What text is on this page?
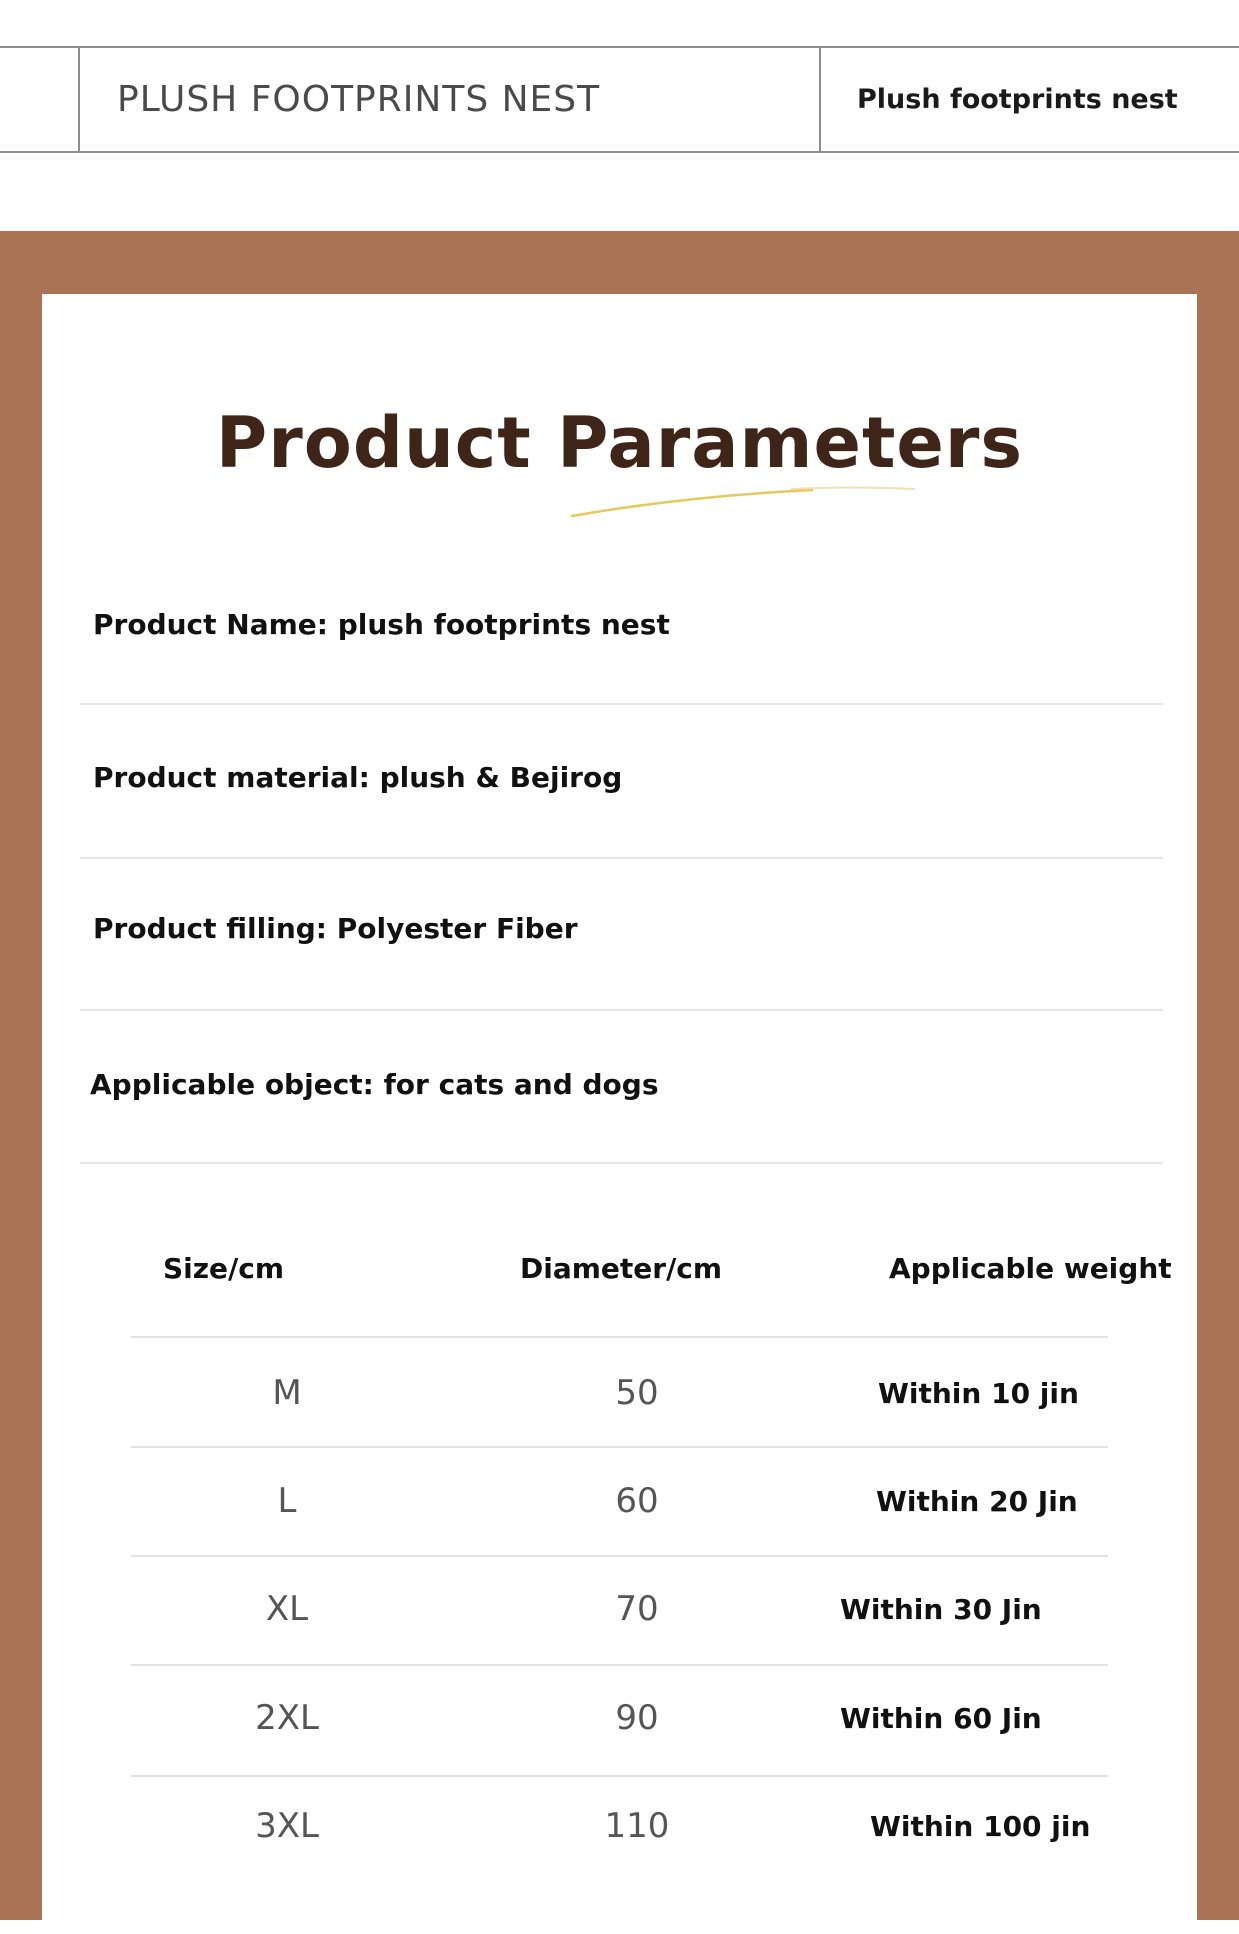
PLUSH FOOTPRINTS NEST	Plush footprints nest
Product Parameters
Product Name: plush footprints nest
Product material: plush & Bejirog
Product filling: Polyester Fiber
Applicable object: for cats and dogs
Size/cm	Diameter/cm	Applicable weight
M	50	Within 10 jin
L	60	Within 20 Jin
XL	70	Within 30 Jin
2XL	90	Within 60 Jin
3XL	110	Within 100 jin
